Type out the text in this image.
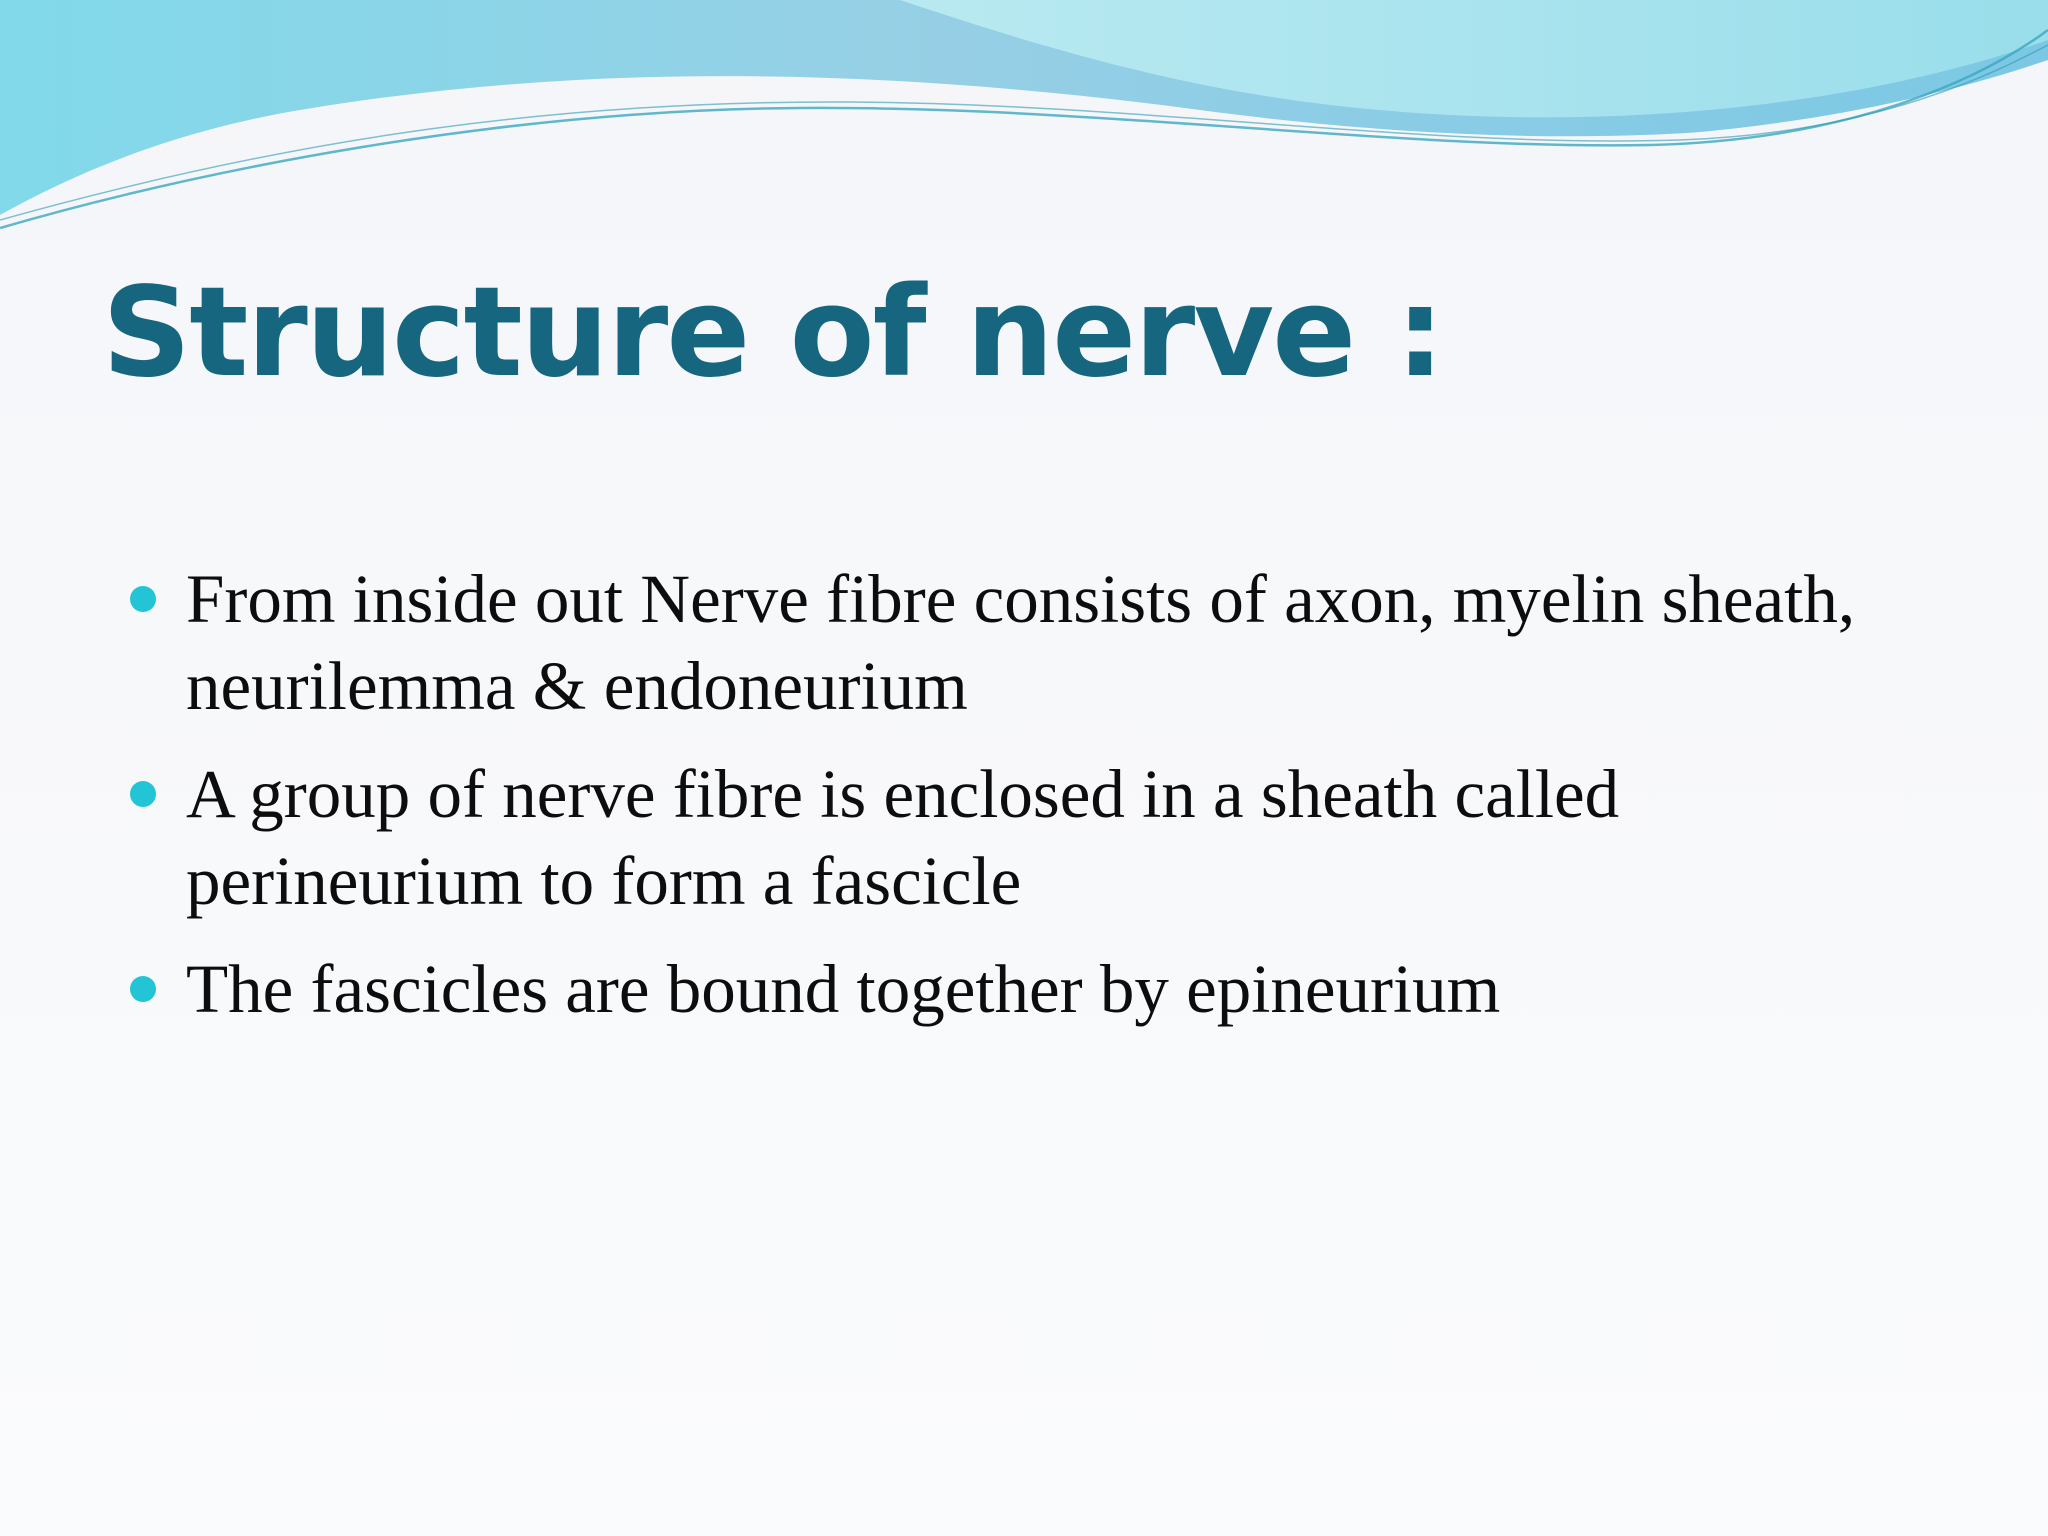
Structure of nerve :
From inside out Nerve fibre consists of axon, myelin sheath, neurilemma & endoneurium
A group of nerve fibre is enclosed in a sheath called perineurium to form a fascicle
The fascicles are bound together by epineurium
